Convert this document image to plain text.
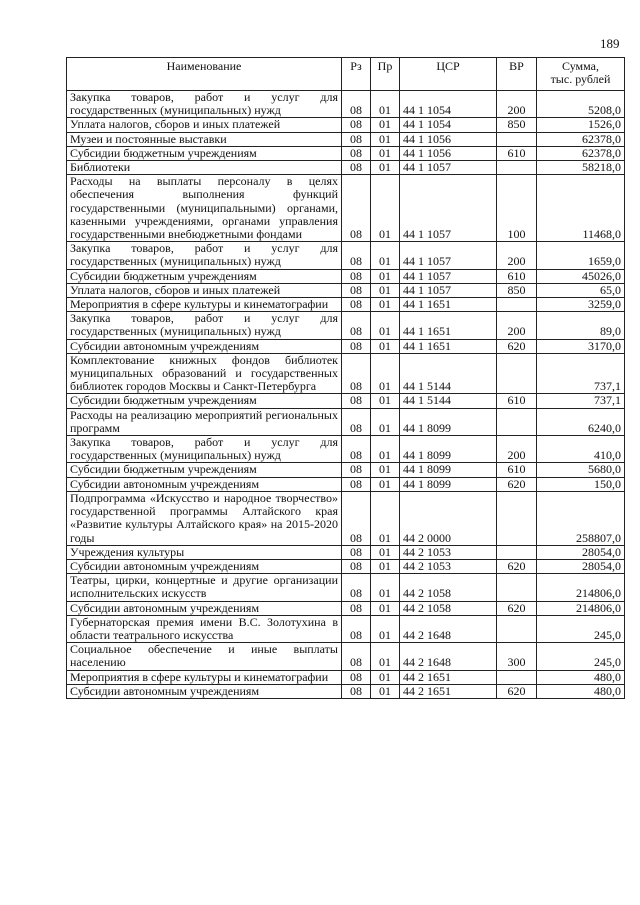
189
Наименование	Рз	Пр	ЦСР	ВР	Сумма,
тыс. рублей
Закупка товаров, работ и услуг для государственных (муниципальных) нужд	08	01	44 1 1054	200	5208,0
Уплата налогов, сборов и иных платежей	08	01	44 1 1054	850	1526,0
Музеи и постоянные выставки	08	01	44 1 1056		62378,0
Субсидии бюджетным учреждениям	08	01	44 1 1056	610	62378,0
Библиотеки	08	01	44 1 1057		58218,0
Расходы на выплаты персоналу в целях обеспечения выполнения функций государственными (муниципальными) органами, казенными учреждениями, органами управления государственными внебюджетными фондами	08	01	44 1 1057	100	11468,0
Закупка товаров, работ и услуг для государственных (муниципальных) нужд	08	01	44 1 1057	200	1659,0
Субсидии бюджетным учреждениям	08	01	44 1 1057	610	45026,0
Уплата налогов, сборов и иных платежей	08	01	44 1 1057	850	65,0
Мероприятия в сфере культуры и кинематографии	08	01	44 1 1651		3259,0
Закупка товаров, работ и услуг для государственных (муниципальных) нужд	08	01	44 1 1651	200	89,0
Субсидии автономным учреждениям	08	01	44 1 1651	620	3170,0
Комплектование книжных фондов библиотек муниципальных образований и государственных библиотек городов Москвы и Санкт-Петербурга	08	01	44 1 5144		737,1
Субсидии бюджетным учреждениям	08	01	44 1 5144	610	737,1
Расходы на реализацию мероприятий региональных программ	08	01	44 1 8099		6240,0
Закупка товаров, работ и услуг для государственных (муниципальных) нужд	08	01	44 1 8099	200	410,0
Субсидии бюджетным учреждениям	08	01	44 1 8099	610	5680,0
Субсидии автономным учреждениям	08	01	44 1 8099	620	150,0
Подпрограмма «Искусство и народное творчество» государственной программы Алтайского края «Развитие культуры Алтайского края» на 2015-2020 годы	08	01	44 2 0000		258807,0
Учреждения культуры	08	01	44 2 1053		28054,0
Субсидии автономным учреждениям	08	01	44 2 1053	620	28054,0
Театры, цирки, концертные и другие организации исполнительских искусств	08	01	44 2 1058		214806,0
Субсидии автономным учреждениям	08	01	44 2 1058	620	214806,0
Губернаторская премия имени В.С. Золотухина в области театрального искусства	08	01	44 2 1648		245,0
Социальное обеспечение и иные выплаты населению	08	01	44 2 1648	300	245,0
Мероприятия в сфере культуры и кинематографии	08	01	44 2 1651		480,0
Субсидии автономным учреждениям	08	01	44 2 1651	620	480,0
